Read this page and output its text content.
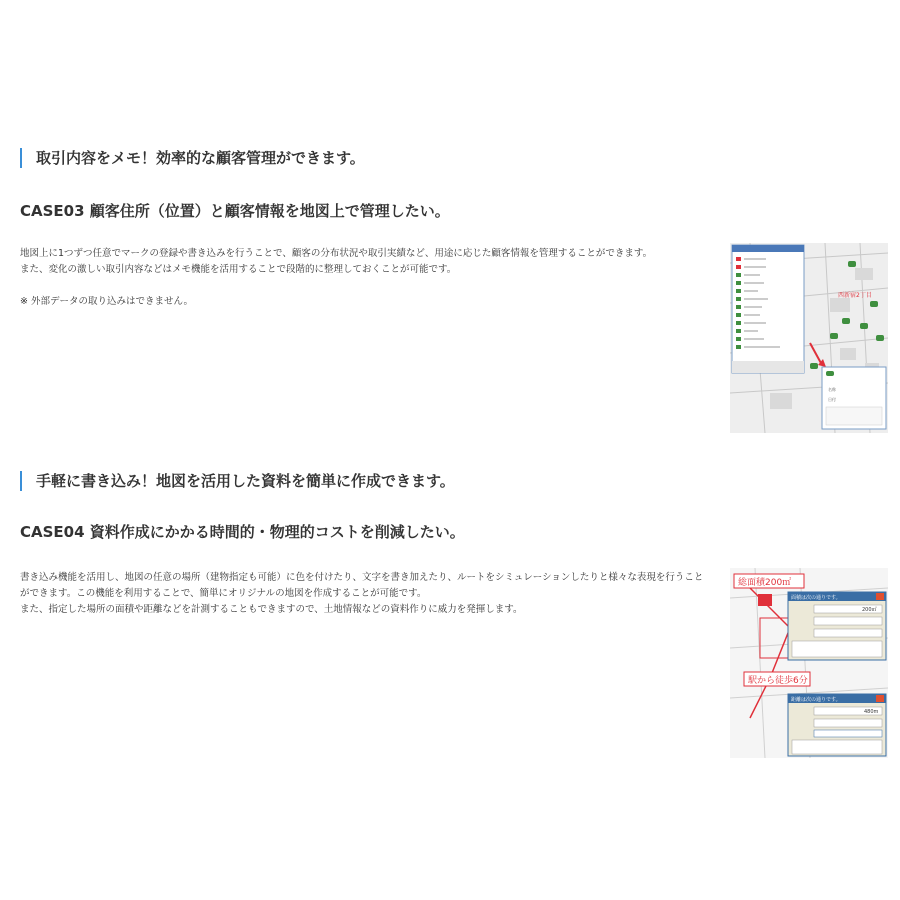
取引内容をメモ！効率的な顧客管理ができます。
CASE03 顧客住所（位置）と顧客情報を地図上で管理したい。

地図上に1つずつ任意でマークの登録や書き込みを行うことで、顧客の分布状況や取引実績など、用途に応じた顧客情報を管理することができます。

また、変化の激しい取引内容などはメモ機能を活用することで段階的に整理しておくことが可能です。

※ 外部データの取り込みはできません。

西新宿2丁目
名称
日付
手軽に書き込み！地図を活用した資料を簡単に作成できます。
CASE04 資料作成にかかる時間的・物理的コストを削減したい。

書き込み機能を活用し、地図の任意の場所（建物指定も可能）に色を付けたり、文字を書き加えたり、ルートをシミュレーションしたりと様々な表現を行うことができます。この機能を利用することで、簡単にオリジナルの地図を作成することが可能です。

また、指定した場所の面積や距離などを計測することもできますので、土地情報などの資料作りに威力を発揮します。

総面積200㎡
駅から徒歩6分
面積は次の通りです。
200㎡
距離は次の通りです。
480m
